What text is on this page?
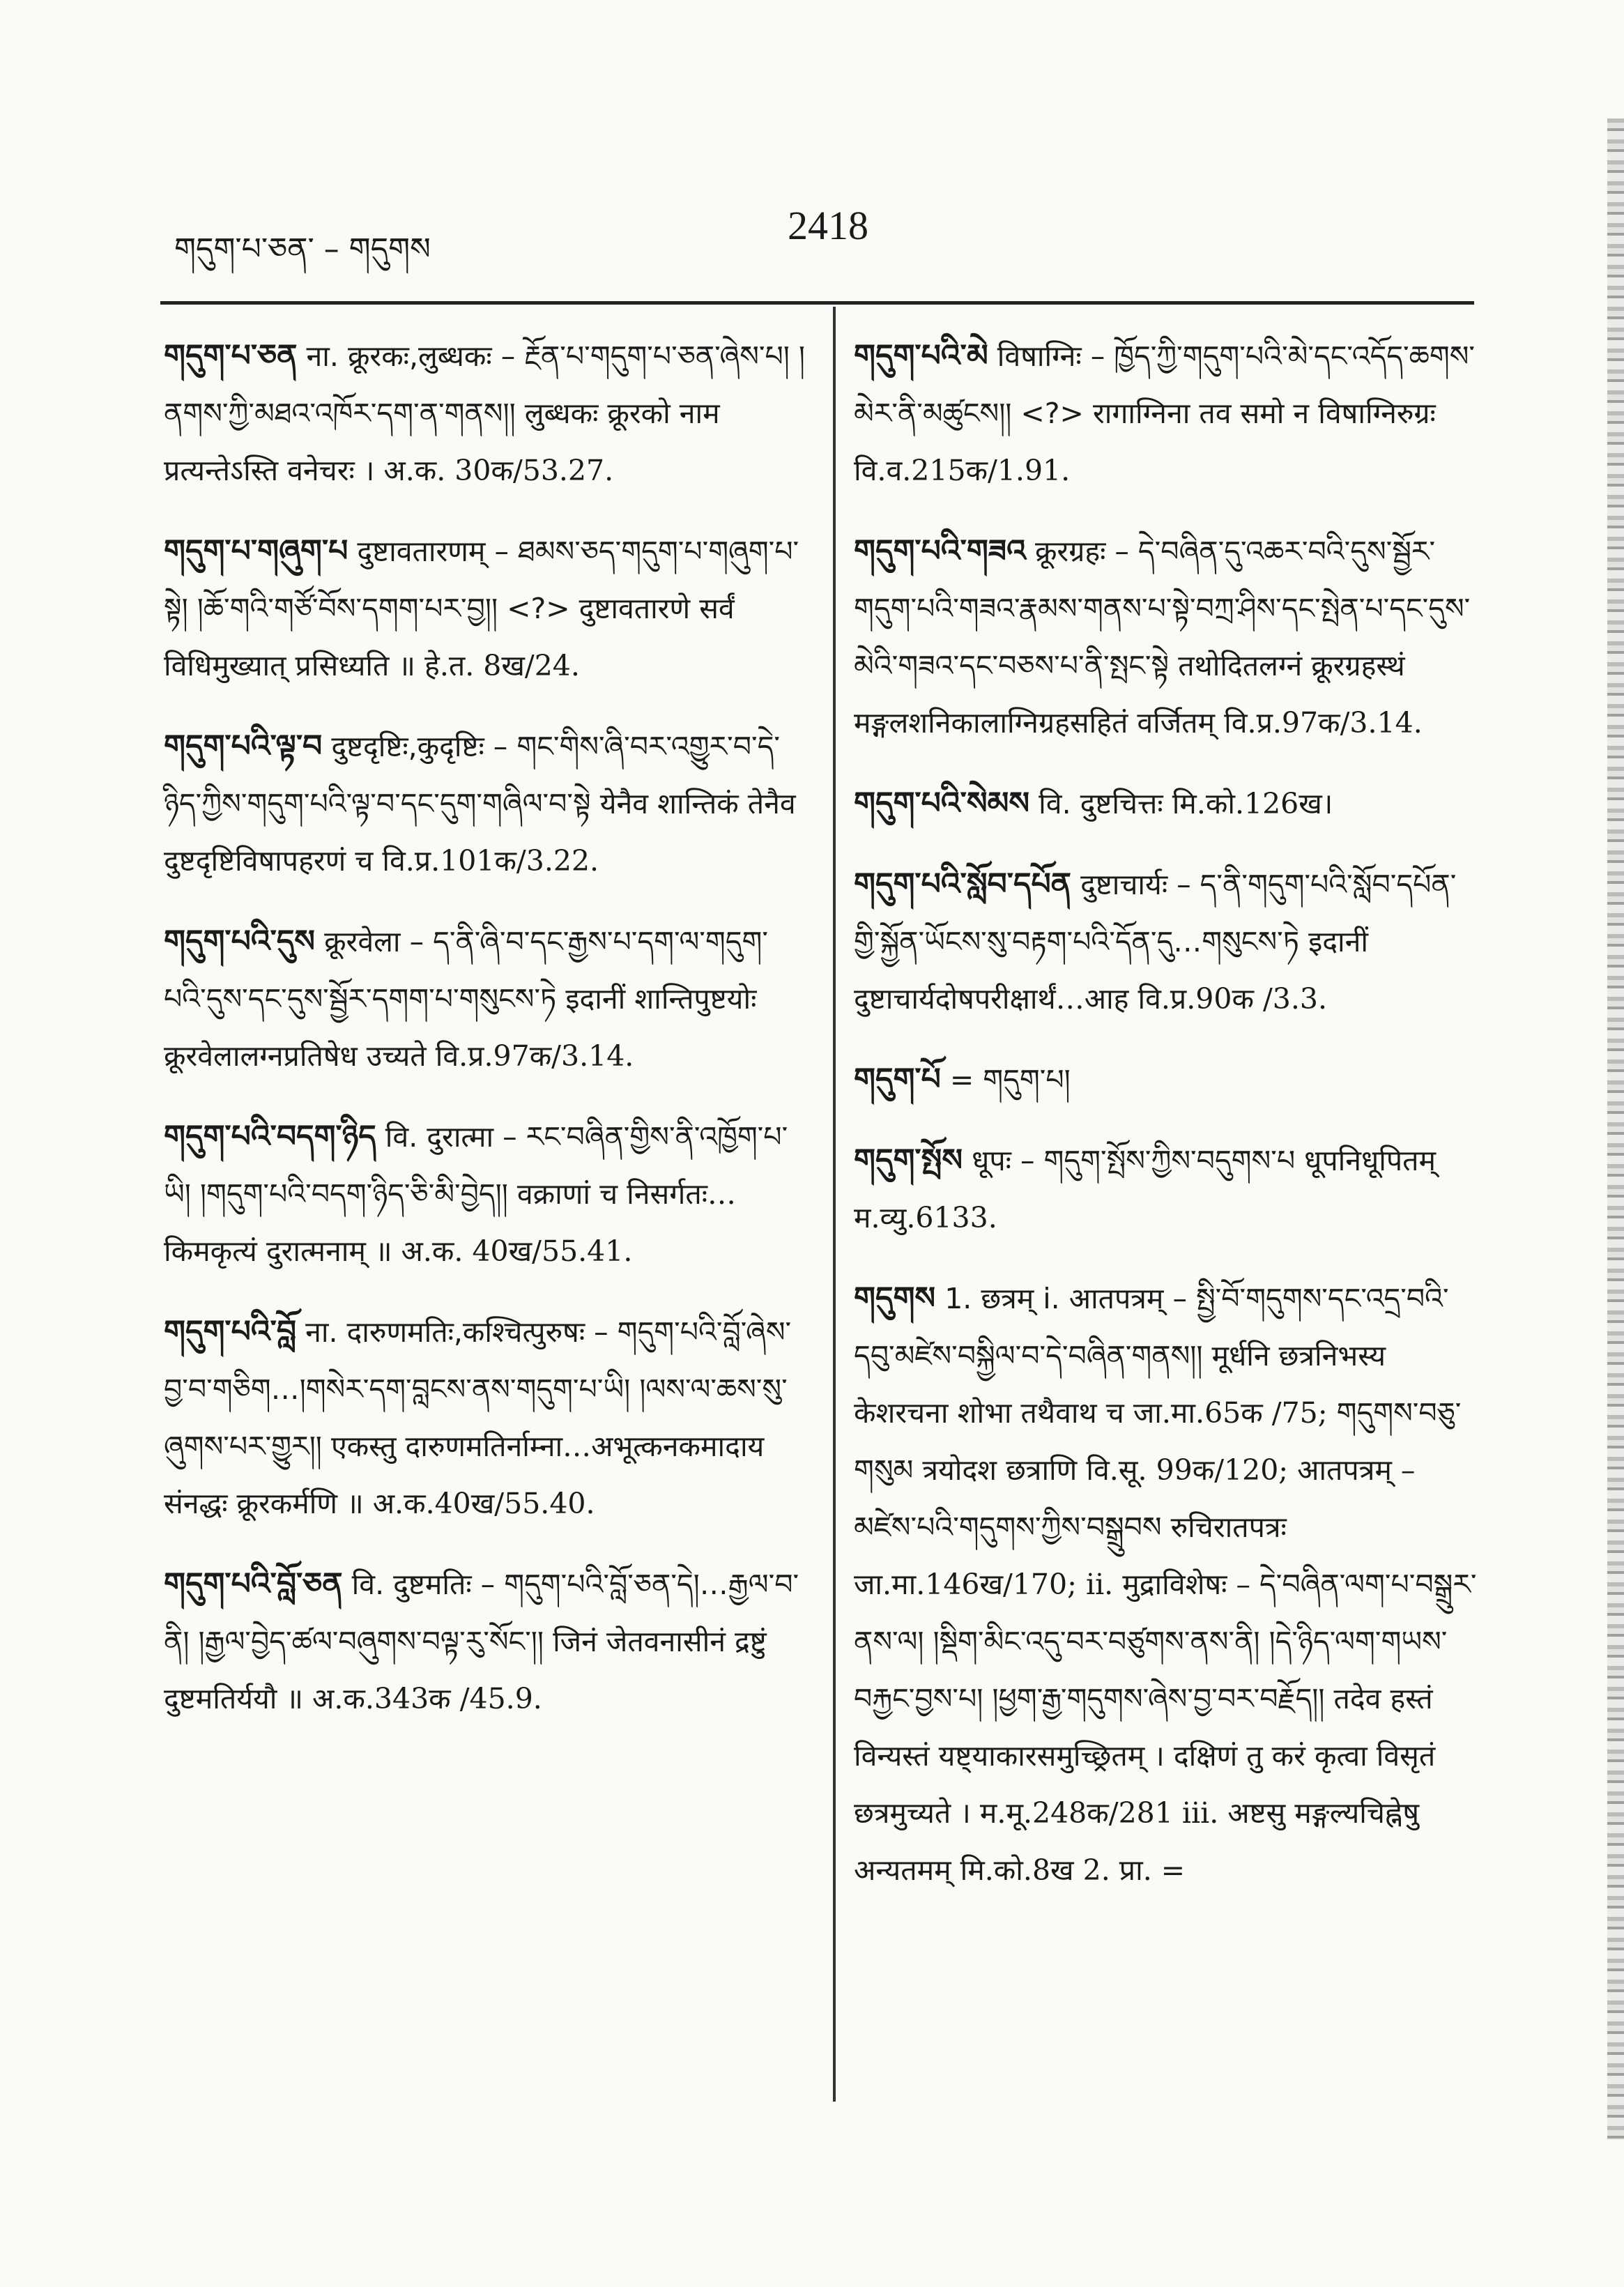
གདུག་པ་ཅན་ – གདུགས
2418
གདུག་པ་ཅན ना. क्रूरकः,लुब्धकः – རྔོན་པ་གདུག་པ་ཅན་ཞེས་པ། །ནགས་ཀྱི་མཐའ་འཁོར་དག་ན་གནས།། लुब्धकः क्रूरको नाम प्रत्यन्तेऽस्ति वनेचरः । अ.क. 30क/53.27.
གདུག་པ་གཞུག་པ दुष्टावतारणम् – ཐམས་ཅད་གདུག་པ་གཞུག་པ་སྟེ། །ཆོ་གའི་གཙོ་བོས་དགག་པར་བྱ།། <?> दुष्टावतारणे सर्वं विधिमुख्यात् प्रसिध्यति ॥ हे.त. 8ख/24.
གདུག་པའི་ལྟ་བ दुष्टदृष्टिः,कुदृष्टिः – གང་གིས་ཞི་བར་འགྱུར་བ་དེ་ཉིད་ཀྱིས་གདུག་པའི་ལྟ་བ་དང་དུག་གཞིལ་བ་སྟེ येनैव शान्तिकं तेनैव दुष्टदृष्टिविषापहरणं च वि.प्र.101क/3.22.
གདུག་པའི་དུས क्रूरवेला – ད་ནི་ཞི་བ་དང་རྒྱས་པ་དག་ལ་གདུག་པའི་དུས་དང་དུས་སྦྱོར་དགག་པ་གསུངས་ཏེ इदानीं शान्तिपुष्टयोः क्रूरवेलालग्नप्रतिषेध उच्यते वि.प्र.97क/3.14.
གདུག་པའི་བདག་ཉིད वि. दुरात्मा – རང་བཞིན་གྱིས་ནི་འཁྱོག་པ་ཡི། །གདུག་པའི་བདག་ཉིད་ཅི་མི་བྱེད།། वक्राणां च निसर्गतः…किमकृत्यं दुरात्मनाम् ॥ अ.क. 40ख/55.41.
གདུག་པའི་བློ ना. दारुणमतिः,कश्चित्पुरुषः – གདུག་པའི་བློ་ཞེས་བྱ་བ་གཅིག…།གསེར་དག་བླངས་ནས་གདུག་པ་ཡི། །ལས་ལ་ཆས་སུ་ཞུགས་པར་གྱུར།། एकस्तु दारुणमतिर्नाम्ना…अभूत्कनकमादाय संनद्धः क्रूरकर्मणि ॥ अ.क.40ख/55.40.
གདུག་པའི་བློ་ཅན वि. दुष्टमतिः – གདུག་པའི་བློ་ཅན་དེ།…རྒྱལ་བ་ནི། །རྒྱལ་བྱེད་ཚལ་བཞུགས་བལྟ་རུ་སོང་།། जिनं जेतवनासीनं द्रष्टुं दुष्टमतिर्ययौ ॥ अ.क.343क /45.9.
གདུག་པའི་མེ विषाग्निः – ཁྱོད་ཀྱི་གདུག་པའི་མེ་དང་འདོད་ཆགས་མེར་ནི་མཚུངས།། <?> रागाग्निना तव समो न विषाग्निरुग्रः वि.व.215क/1.91.
གདུག་པའི་གཟའ क्रूरग्रहः – དེ་བཞིན་དུ་འཆར་བའི་དུས་སྦྱོར་གདུག་པའི་གཟའ་རྣམས་གནས་པ་སྟེ་བཀྲ་ཤིས་དང་སྤེན་པ་དང་དུས་མེའི་གཟའ་དང་བཅས་པ་ནི་སྤང་སྟེ तथोदितलग्नं क्रूरग्रहस्थं मङ्गलशनिकालाग्निग्रहसहितं वर्जितम् वि.प्र.97क/3.14.
གདུག་པའི་སེམས वि. दुष्टचित्तः मि.को.126ख।
གདུག་པའི་སློབ་དཔོན दुष्टाचार्यः – ད་ནི་གདུག་པའི་སློབ་དཔོན་གྱི་སྐྱོན་ཡོངས་སུ་བརྟག་པའི་དོན་དུ…གསུངས་ཏེ इदानीं दुष्टाचार्यदोषपरीक्षार्थं…आह वि.प्र.90क /3.3.
གདུག་པོ = གདུག་པ།
གདུག་སྤོས धूपः – གདུག་སྤོས་ཀྱིས་བདུགས་པ धूपनिधूपितम् म.व्यु.6133.
གདུགས 1. छत्रम् i. आतपत्रम् – སྤྱི་བོ་གདུགས་དང་འདྲ་བའི་དབུ་མཛེས་བསྐྱིལ་བ་དེ་བཞིན་གནས།། मूर्धनि छत्रनिभस्य केशरचना शोभा तथैवाथ च जा.मा.65क /75; གདུགས་བཅུ་གསུམ त्रयोदश छत्राणि वि.सू. 99क/120; आतपत्रम् – མཛེས་པའི་གདུགས་ཀྱིས་བསྒྲུབས रुचिरातपत्रः जा.मा.146ख/170; ii. मुद्राविशेषः – དེ་བཞིན་ལག་པ་བསྒྲུར་ནས་ལ། །སྡིག་མིང་འདུ་བར་བཙུགས་ནས་ནི། །དེ་ཉིད་ལག་གཡས་བརྐྱང་བྱས་པ། །ཕྱག་རྒྱ་གདུགས་ཞེས་བྱ་བར་བརྗོད།། तदेव हस्तं विन्यस्तं यष्ट्याकारसमुच्छ्रितम् । दक्षिणं तु करं कृत्वा विसृतं छत्रमुच्यते । म.मू.248क/281 iii. अष्टसु मङ्गल्यचिह्नेषु अन्यतमम् मि.को.8ख 2. प्रा. =
